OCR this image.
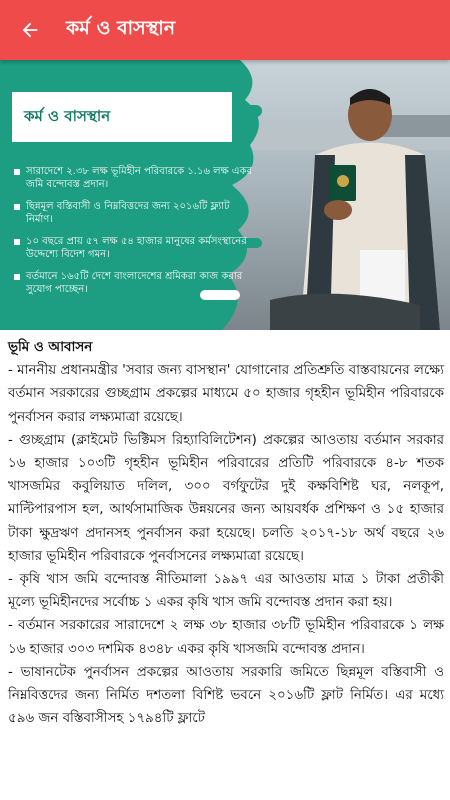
কর্ম ও বাসস্থান
কর্ম ও বাসস্থান
সারাদেশে ২.৩৮ লক্ষ ভূমিহীন পরিবারকে ১.১৬ লক্ষ একর জমি বন্দোবস্ত প্রদান।
ছিন্নমূল বস্তিবাসী ও নিম্নবিত্তদের জন্য ২০১৬টি ফ্ল্যাট নির্মাণ।
১০ বছরে প্রায় ৫৭ লক্ষ ৫৪ হাজার মানুষের কর্মসংস্থানের উদ্দেশ্যে বিদেশ গমন।
বর্তমানে ১৬৫টি দেশে বাংলাদেশের শ্রমিকরা কাজ করার সুযোগ পাচ্ছেন।
ভূমি ও আবাসন

- মাননীয় প্রধানমন্ত্রীর 'সবার জন্য বাসস্থান' যোগানোর প্রতিশ্রুতি বাস্তবায়নের লক্ষ্যে বর্তমান সরকারের গুচ্ছগ্রাম প্রকল্পের মাধ্যমে ৫০ হাজার গৃহহীন ভূমিহীন পরিবারকে পুনর্বাসন করার লক্ষ্যমাত্রা রয়েছে।

- গুচ্ছগ্রাম (ক্লাইমেট ভিক্টিমস রিহ্যাবিলিটেশন) প্রকল্পের আওতায় বর্তমান সরকার ১৬ হাজার ১০৩টি গৃহহীন ভূমিহীন পরিবারের প্রতিটি পরিবারকে ৪-৮ শতক খাসজমির কবুলিয়াত দলিল, ৩০০ বর্গফুটের দুই কক্ষবিশিষ্ট ঘর, নলকূপ, মাল্টিপারপাস হল, আর্থসামাজিক উন্নয়নের জন্য আয়বর্ধক প্রশিক্ষণ ও ১৫ হাজার টাকা ক্ষুদ্রঋণ প্রদানসহ পুনর্বাসন করা হয়েছে। চলতি ২০১৭-১৮ অর্থ বছরে ২৬ হাজার ভূমিহীন পরিবারকে পুনর্বাসনের লক্ষ্যমাত্রা রয়েছে।

- কৃষি খাস জমি বন্দোবস্ত নীতিমালা ১৯৯৭ এর আওতায় মাত্র ১ টাকা প্রতীকী মূল্যে ভূমিহীনদের সর্বোচ্চ ১ একর কৃষি খাস জমি বন্দোবস্ত প্রদান করা হয়।

- বর্তমান সরকারের সারাদেশে ২ লক্ষ ৩৮ হাজার ৩৮টি ভূমিহীন পরিবারকে ১ লক্ষ ১৬ হাজার ৩০৩ দশমিক ৪৩৪৮ একর কৃষি খাসজমি বন্দোবস্ত প্রদান।

- ভাষানটেক পুনর্বাসন প্রকল্পের আওতায় সরকারি জমিতে ছিন্নমূল বস্তিবাসী ও নিম্নবিত্তদের জন্য নির্মিত দশতলা বিশিষ্ট ভবনে ২০১৬টি ফ্লাট নির্মিত। এর মধ্যে ৫৯৬ জন বস্তিবাসীসহ ১৭৯৪টি ফ্লাটে
